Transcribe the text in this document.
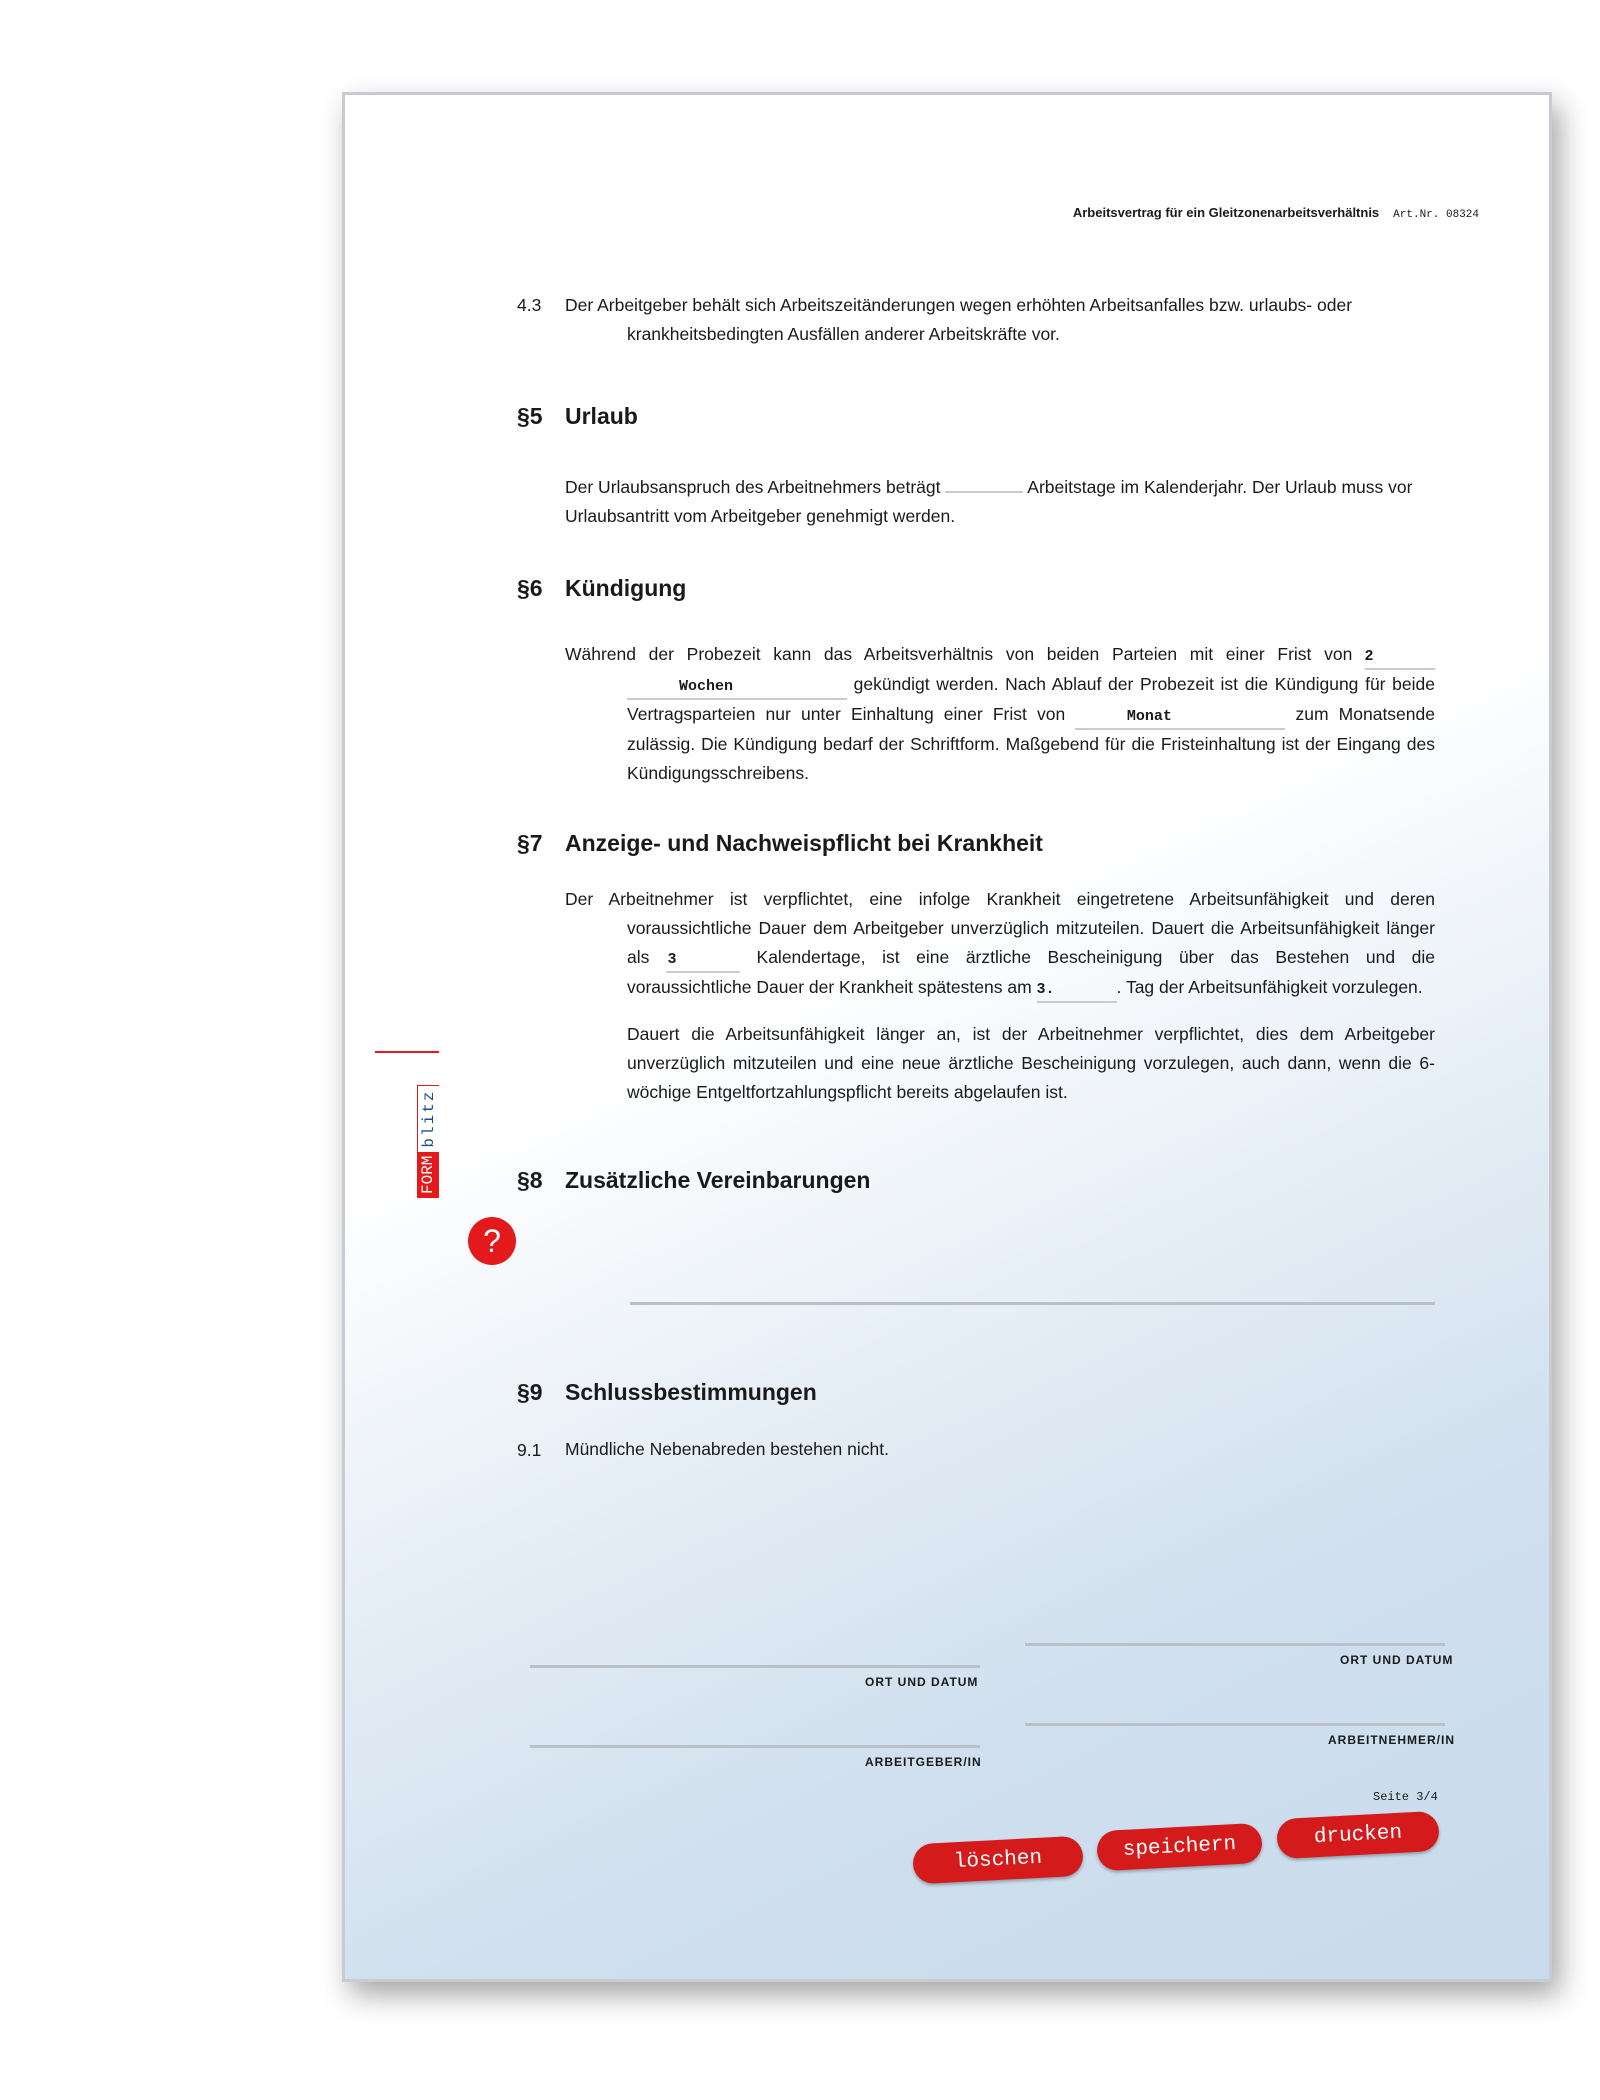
Arbeitsvertrag für ein Gleitzonenarbeitsverhältnis Art.Nr. 08324
4.3 Der Arbeitgeber behält sich Arbeitszeitänderungen wegen erhöhten Arbeitsanfalles bzw. urlaubs- oder krankheitsbedingten Ausfällen anderer Arbeitskräfte vor.
§5 Urlaub
Der Urlaubsanspruch des Arbeitnehmers beträgt	Arbeitstage im Kalenderjahr. Der Urlaub muss vor Urlaubsantritt vom Arbeitgeber genehmigt werden.
§6 Kündigung
Während der Probezeit kann das Arbeitsverhältnis von beiden Parteien mit einer Frist von 2 Wochen	gekündigt werden. Nach Ablauf der Probezeit ist die Kündigung für beide Vertragsparteien nur unter Einhaltung einer Frist von	Monat	zum Monatsende zulässig. Die Kündigung bedarf der Schriftform. Maßgebend für die Fristeinhaltung ist der Eingang des Kündigungsschreibens.
§7 Anzeige- und Nachweispflicht bei Krankheit
Der Arbeitnehmer ist verpflichtet, eine infolge Krankheit eingetretene Arbeitsunfähigkeit und deren voraussichtliche Dauer dem Arbeitgeber unverzüglich mitzuteilen. Dauert die Arbeitsunfähigkeit länger als 3	Kalendertage, ist eine ärztliche Bescheinigung über das Bestehen und die voraussichtliche Dauer der Krankheit spätestens am 3.	. Tag der Arbeitsunfähigkeit vorzulegen.
Dauert die Arbeitsunfähigkeit länger an, ist der Arbeitnehmer verpflichtet, dies dem Arbeitgeber unverzüglich mitzuteilen und eine neue ärztliche Bescheinigung vorzulegen, auch dann, wenn die 6-wöchige Entgeltfortzahlungspflicht bereits abgelaufen ist.
§8 Zusätzliche Vereinbarungen
§9 Schlussbestimmungen
9.1 Mündliche Nebenabreden bestehen nicht.
ORT UND DATUM
ORT UND DATUM
ARBEITGEBER/IN
ARBEITNEHMER/IN
Seite 3/4
löschen	speichern	drucken
FORM
blitz
?
